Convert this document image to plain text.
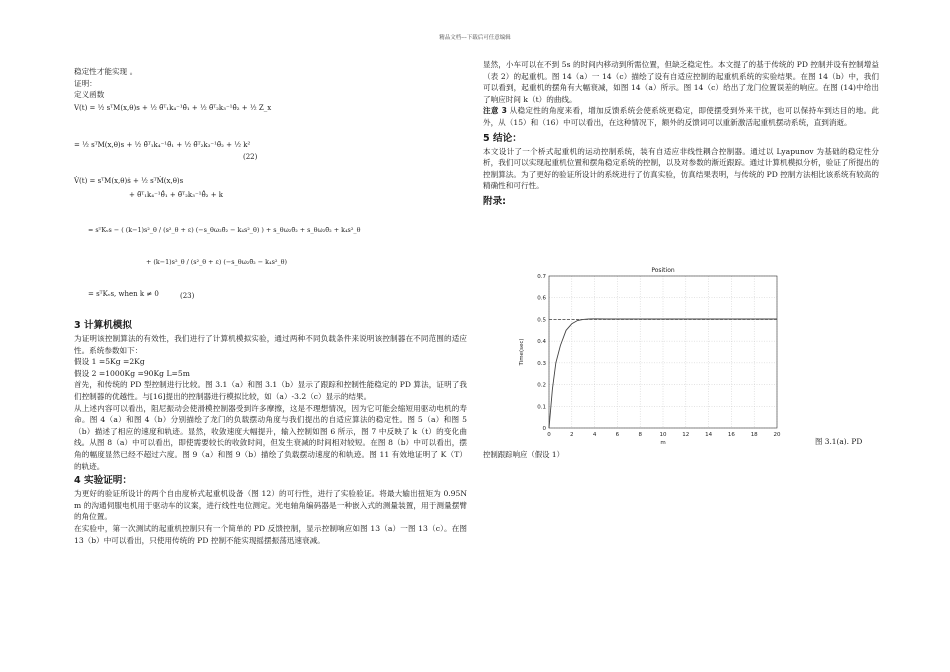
精品文档---下载后可任意编辑

稳定性才能实现 。

证明：

定义函数

V(t) = ½ sᵀM(x,θ)s + ½ θ̃ᵀ₁k₄⁻¹θ̃₁ + ½ θ̃ᵀ₂k₃⁻¹θ̃₂ + ½ Z_x
= ½ sᵀM(x,θ)s + ½ θ̃ᵀ₁k₄⁻¹θ̃₁ + ½ θ̃ᵀ₂k₃⁻¹θ̃₂ + ½ k²
(22)
V̇(t) = sᵀM(x,θ)ṡ + ½ sᵀṀ(x,θ)s
+ θ̃ᵀ₁k₄⁻¹θ̃̇₁ + θ̃ᵀ₂k₃⁻¹θ̃̇₂ + k
= sᵀKᵥs − ( (k−1)s²_θ / (s²_θ + ε) (−s_θω₂θ̃₂ − k₄s²_θ) ) + s_θω₂θ̃₂ + s_θω₂θ̃₂ + k₄s²_θ
+ (k−1)s²_θ / (s²_θ + ε) (−s_θω₂θ̃₂ − k₄s²_θ)
= sᵀKᵥs, when k ≠ 0	(23)

3 计算机模拟

为证明该控制算法的有效性，我们进行了计算机模拟实验，通过两种不同负载条件来说明该控制器在不同范围的适应性。系统参数如下：

假设 1 =5Kg =2Kg

假设 2 =1000Kg =90Kg L=5m

首先，和传统的 PD 型控制进行比较。图 3.1（a）和图 3.1（b）显示了跟踪和控制性能稳定的 PD 算法，证明了我们控制器的优越性。与[16]提出的控制器进行模拟比较，如（a）-3.2（c）显示的结果。

从上述内容可以看出，阻尼振动会使滑模控制器受到许多摩擦，这是不理想情况，因为它可能会缩短用驱动电机的寿命。图 4（a）和图 4（b）分别描绘了龙门的负载摆动角度与我们提出的自适应算法的稳定性。图 5（a）和图 5（b）描述了相应的速度和轨迹。显然，收敛速度大幅提升，输入控制如图 6 所示，图 7 中反映了 k（t）的变化曲线。从图 8（a）中可以看出，即使需要较长的收敛时间，但发生衰减的时间相对较短。在图 8（b）中可以看出，摆角的幅度显然已经不超过六度。图 9（a）和图 9（b）描绘了负载摆动速度的和轨迹。图 11 有效地证明了 K（T）的轨迹。

4 实验证明：

为更好的验证所设计的两个自由度桥式起重机设备（图 12）的可行性，进行了实验验证。将最大输出扭矩为 0.95N m 的沟通伺服电机用于驱动车的议案，进行线性电位测定。光电轴角编码器是一种嵌入式的测量装置，用于测量摆臂的角位置。

在实验中，第一次测试的起重机控制只有一个简单的 PD 反馈控制，显示控制响应如图 13（a）一图 13（c）。在图 13（b）中可以看出，只使用传统的 PD 控制不能实现摇摆振荡迅速衰减。

显然，小车可以在不到 5s 的时间内移动到所需位置，但缺乏稳定性。本文提了的基于传统的 PD 控制并设有控制增益（表 2）的起重机。图 14（a）一 14（c）描绘了设有自适应控制的起重机系统的实验结果。在图 14（b）中，我们可以看到，起重机的摆角有大幅衰减，如图 14（a）所示。图 14（c）给出了龙门位置误差的响应。在图 (14)中给出了响应时间 k（t）的曲线。

注意 3 从稳定性的角度来看，增加反馈系统会使系统更稳定，即使摆受到外来干扰，也可以保持车到达目的地。此外，从（15）和（16）中可以看出，在这种情况下，额外的反馈词可以重新激活起重机摆动系统，直到消逝。

5 结论：

本文设计了一个桥式起重机的运动控制系统，装有自适应非线性耦合控制器。通过以 Lyapunov 为基础的稳定性分析，我们可以实现起重机位置和摆角稳定系统的控制，以及对参数的渐近跟踪。通过计算机模拟分析，验证了所提出的控制算法。为了更好的验证所设计的系统进行了仿真实验，仿真结果表明，与传统的 PD 控制方法相比该系统有较高的精确性和可行性。

附录:

0	2	4	6	8	10	12	14	16	18	20
0
0.1
0.2
0.3
0.4
0.5
0.6
0.7
Position
m
Time(sec)
图 3.1(a). PD
控制跟踪响应（假设 1）
